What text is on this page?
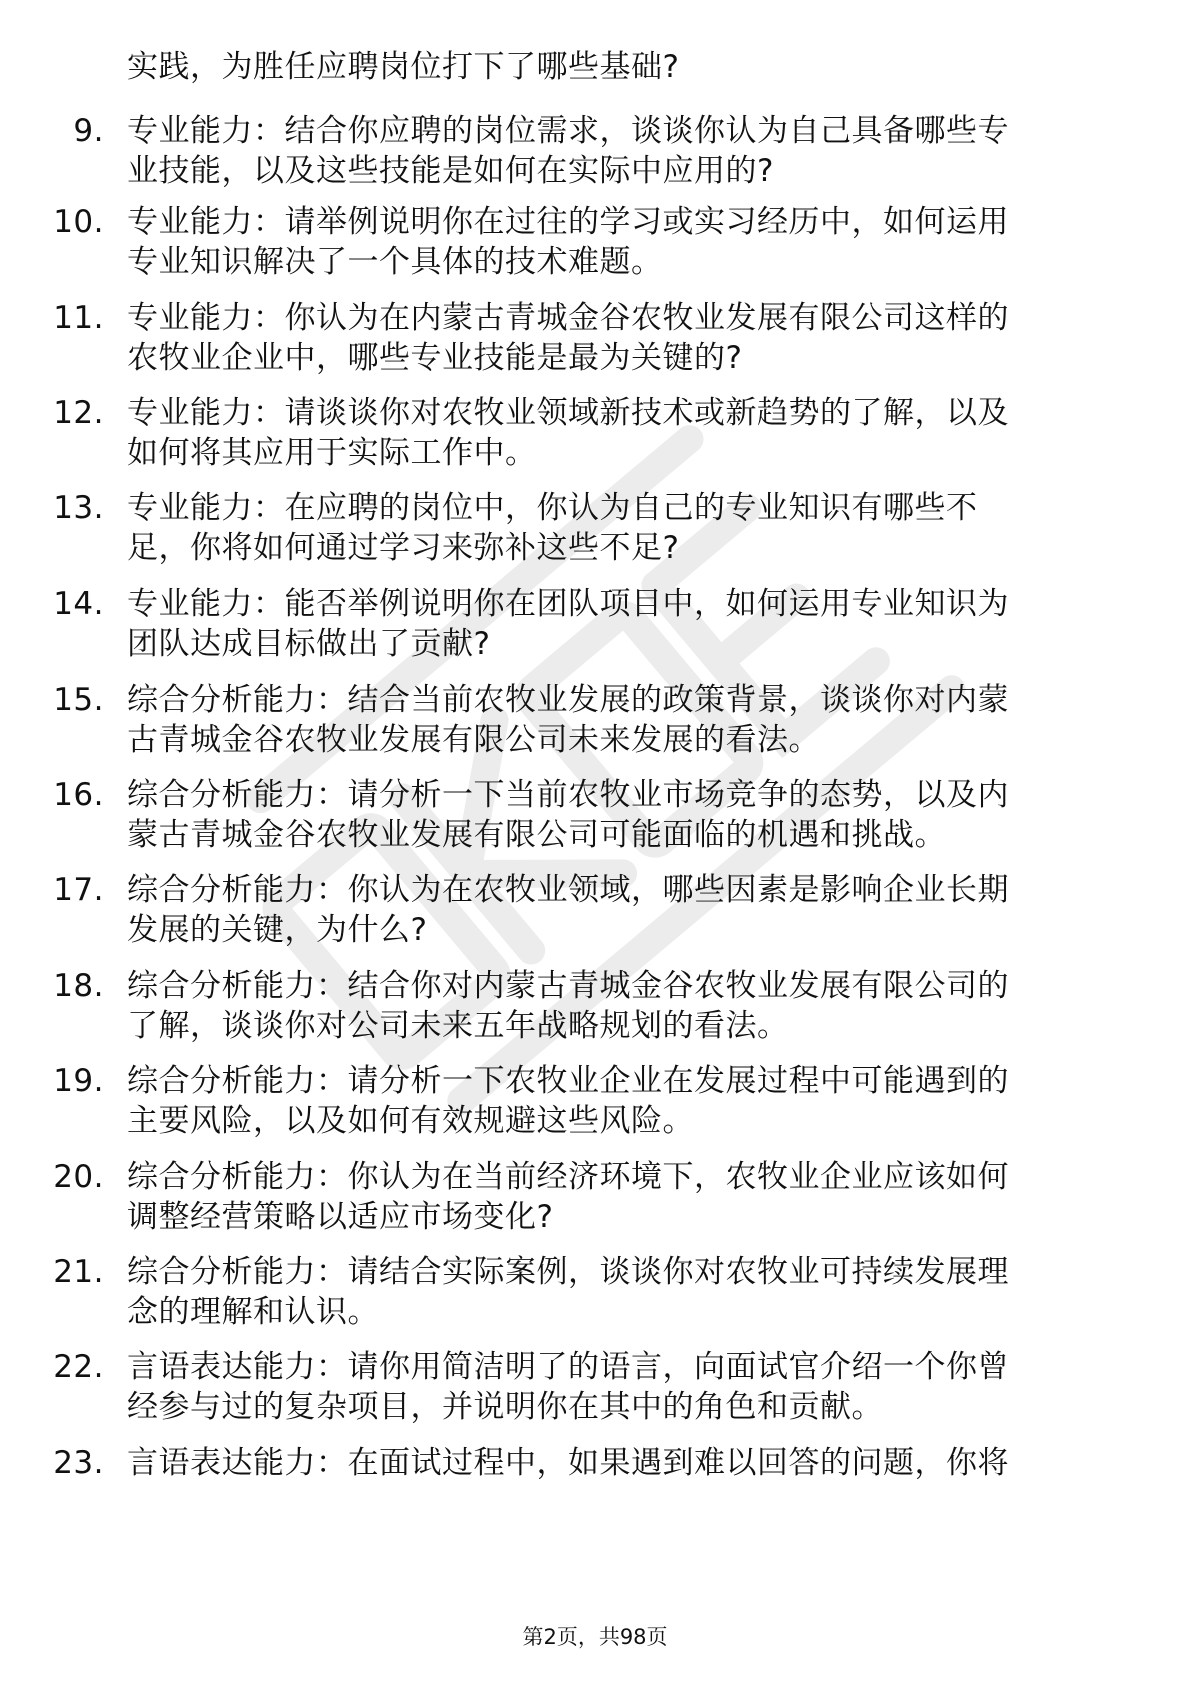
实践，为胜任应聘岗位打下了哪些基础?
9. 专业能力：结合你应聘的岗位需求，谈谈你认为自己具备哪些专
业技能，以及这些技能是如何在实际中应用的?
10. 专业能力：请举例说明你在过往的学习或实习经历中，如何运用
专业知识解决了一个具体的技术难题。
11. 专业能力：你认为在内蒙古青城金谷农牧业发展有限公司这样的
农牧业企业中，哪些专业技能是最为关键的?
12. 专业能力：请谈谈你对农牧业领域新技术或新趋势的了解，以及
如何将其应用于实际工作中。
13. 专业能力：在应聘的岗位中，你认为自己的专业知识有哪些不
足，你将如何通过学习来弥补这些不足?
14. 专业能力：能否举例说明你在团队项目中，如何运用专业知识为
团队达成目标做出了贡献?
15. 综合分析能力：结合当前农牧业发展的政策背景，谈谈你对内蒙
古青城金谷农牧业发展有限公司未来发展的看法。
16. 综合分析能力：请分析一下当前农牧业市场竞争的态势，以及内
蒙古青城金谷农牧业发展有限公司可能面临的机遇和挑战。
17. 综合分析能力：你认为在农牧业领域，哪些因素是影响企业长期
发展的关键，为什么?
18. 综合分析能力：结合你对内蒙古青城金谷农牧业发展有限公司的
了解，谈谈你对公司未来五年战略规划的看法。
19. 综合分析能力：请分析一下农牧业企业在发展过程中可能遇到的
主要风险，以及如何有效规避这些风险。
20. 综合分析能力：你认为在当前经济环境下，农牧业企业应该如何
调整经营策略以适应市场变化?
21. 综合分析能力：请结合实际案例，谈谈你对农牧业可持续发展理
念的理解和认识。
22. 言语表达能力：请你用简洁明了的语言，向面试官介绍一个你曾
经参与过的复杂项目，并说明你在其中的角色和贡献。
23. 言语表达能力：在面试过程中，如果遇到难以回答的问题，你将
第2页，共98页
